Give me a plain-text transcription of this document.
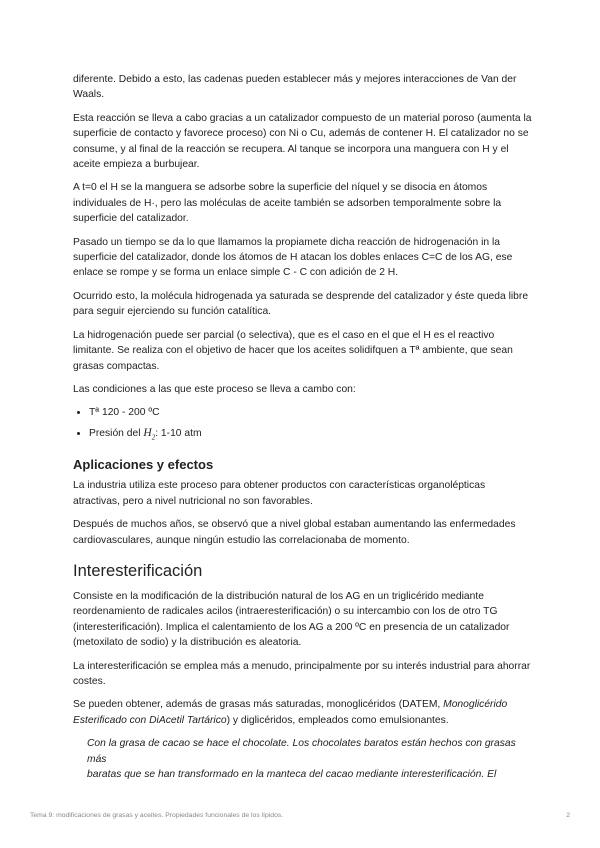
diferente. Debido a esto, las cadenas pueden establecer más y mejores interacciones de Van der Waals.

Esta reacción se lleva a cabo gracias a un catalizador compuesto de un material poroso (aumenta la superficie de contacto y favorece proceso) con Ni o Cu, además de contener H. El catalizador no se consume, y al final de la reacción se recupera. Al tanque se incorpora una manguera con H y el aceite empieza a burbujear.

A t=0 el H se la manguera se adsorbe sobre la superficie del níquel y se disocia en átomos individuales de H·, pero las moléculas de aceite también se adsorben temporalmente sobre la superficie del catalizador.

Pasado un tiempo se da lo que llamamos la propiamete dicha reacción de hidrogenación in la superficie del catalizador, donde los átomos de H atacan los dobles enlaces C=C de los AG, ese enlace se rompe y se forma un enlace simple C - C con adición de 2 H.

Ocurrido esto, la molécula hidrogenada ya saturada se desprende del catalizador y éste queda libre para seguir ejerciendo su función catalítica.

La hidrogenación puede ser parcial (o selectiva), que es el caso en el que el H es el reactivo limitante. Se realiza con el objetivo de hacer que los aceites solidifquen a Tª ambiente, que sean grasas compactas.

Las condiciones a las que este proceso se lleva a cambo con:

• Tª 120 - 200 ºC
• Presión del $H_2$: 1-10 atm
Aplicaciones y efectos

La industria utiliza este proceso para obtener productos con características organolépticas atractivas, pero a nivel nutricional no son favorables.

Después de muchos años, se observó que a nivel global estaban aumentando las enfermedades cardiovasculares, aunque ningún estudio las correlacionaba de momento.

Interesterificación

Consiste en la modificación de la distribución natural de los AG en un triglicérido mediante reordenamiento de radicales acilos (intraeresterificación) o su intercambio con los de otro TG (interesterificación). Implica el calentamiento de los AG a 200 ºC en presencia de un catalizador (metoxilato de sodio) y la distribución es aleatoria.

La interesterificación se emplea más a menudo, principalmente por su interés industrial para ahorrar costes.

Se pueden obtener, además de grasas más saturadas, monoglicéridos (DATEM, Monoglicérido Esterificado con DiAcetil Tartárico) y diglicéridos, empleados como emulsionantes.

Con la grasa de cacao se hace el chocolate. Los chocolates baratos están hechos con grasas más
baratas que se han transformado en la manteca del cacao mediante interesterificación. El

Tema 9: modificaciones de grasas y aceites. Propiedades funcionales de los lípidos.	2
